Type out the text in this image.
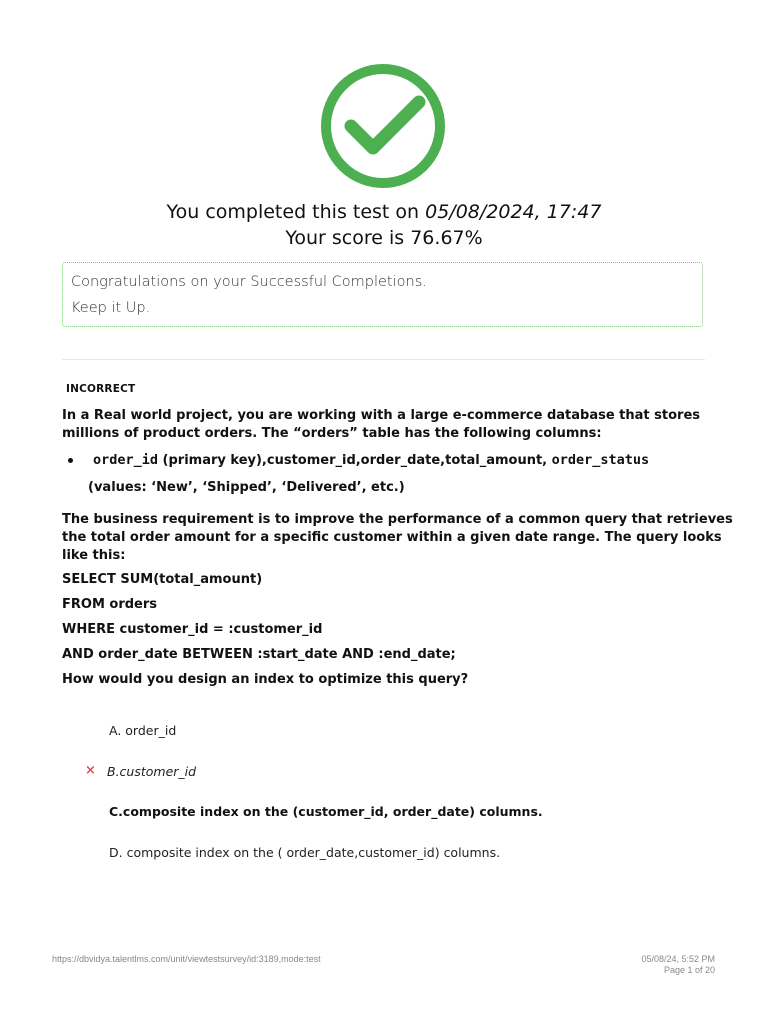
You completed this test on 05/08/2024, 17:47
Your score is 76.67%
Congratulations on your Successful Completions.
Keep it Up.
INCORRECT
In a Real world project, you are working with a large e-commerce database that stores
millions of product orders. The “orders” table has the following columns:
order_id (primary key),customer_id,order_date,total_amount, order_status
(values: ‘New’, ‘Shipped’, ‘Delivered’, etc.)
The business requirement is to improve the performance of a common query that retrieves
the total order amount for a specific customer within a given date range. The query looks
like this:
SELECT SUM(total_amount)
FROM orders
WHERE customer_id = :customer_id
AND order_date BETWEEN :start_date AND :end_date;
How would you design an index to optimize this query?
A. order_id
× B.customer_id
C.composite index on the (customer_id, order_date) columns.
D. composite index on the ( order_date,customer_id) columns.
https://dbvidya.talentlms.com/unit/viewtestsurvey/id:3189,mode:test	05/08/24, 5:52 PM
Page 1 of 20
